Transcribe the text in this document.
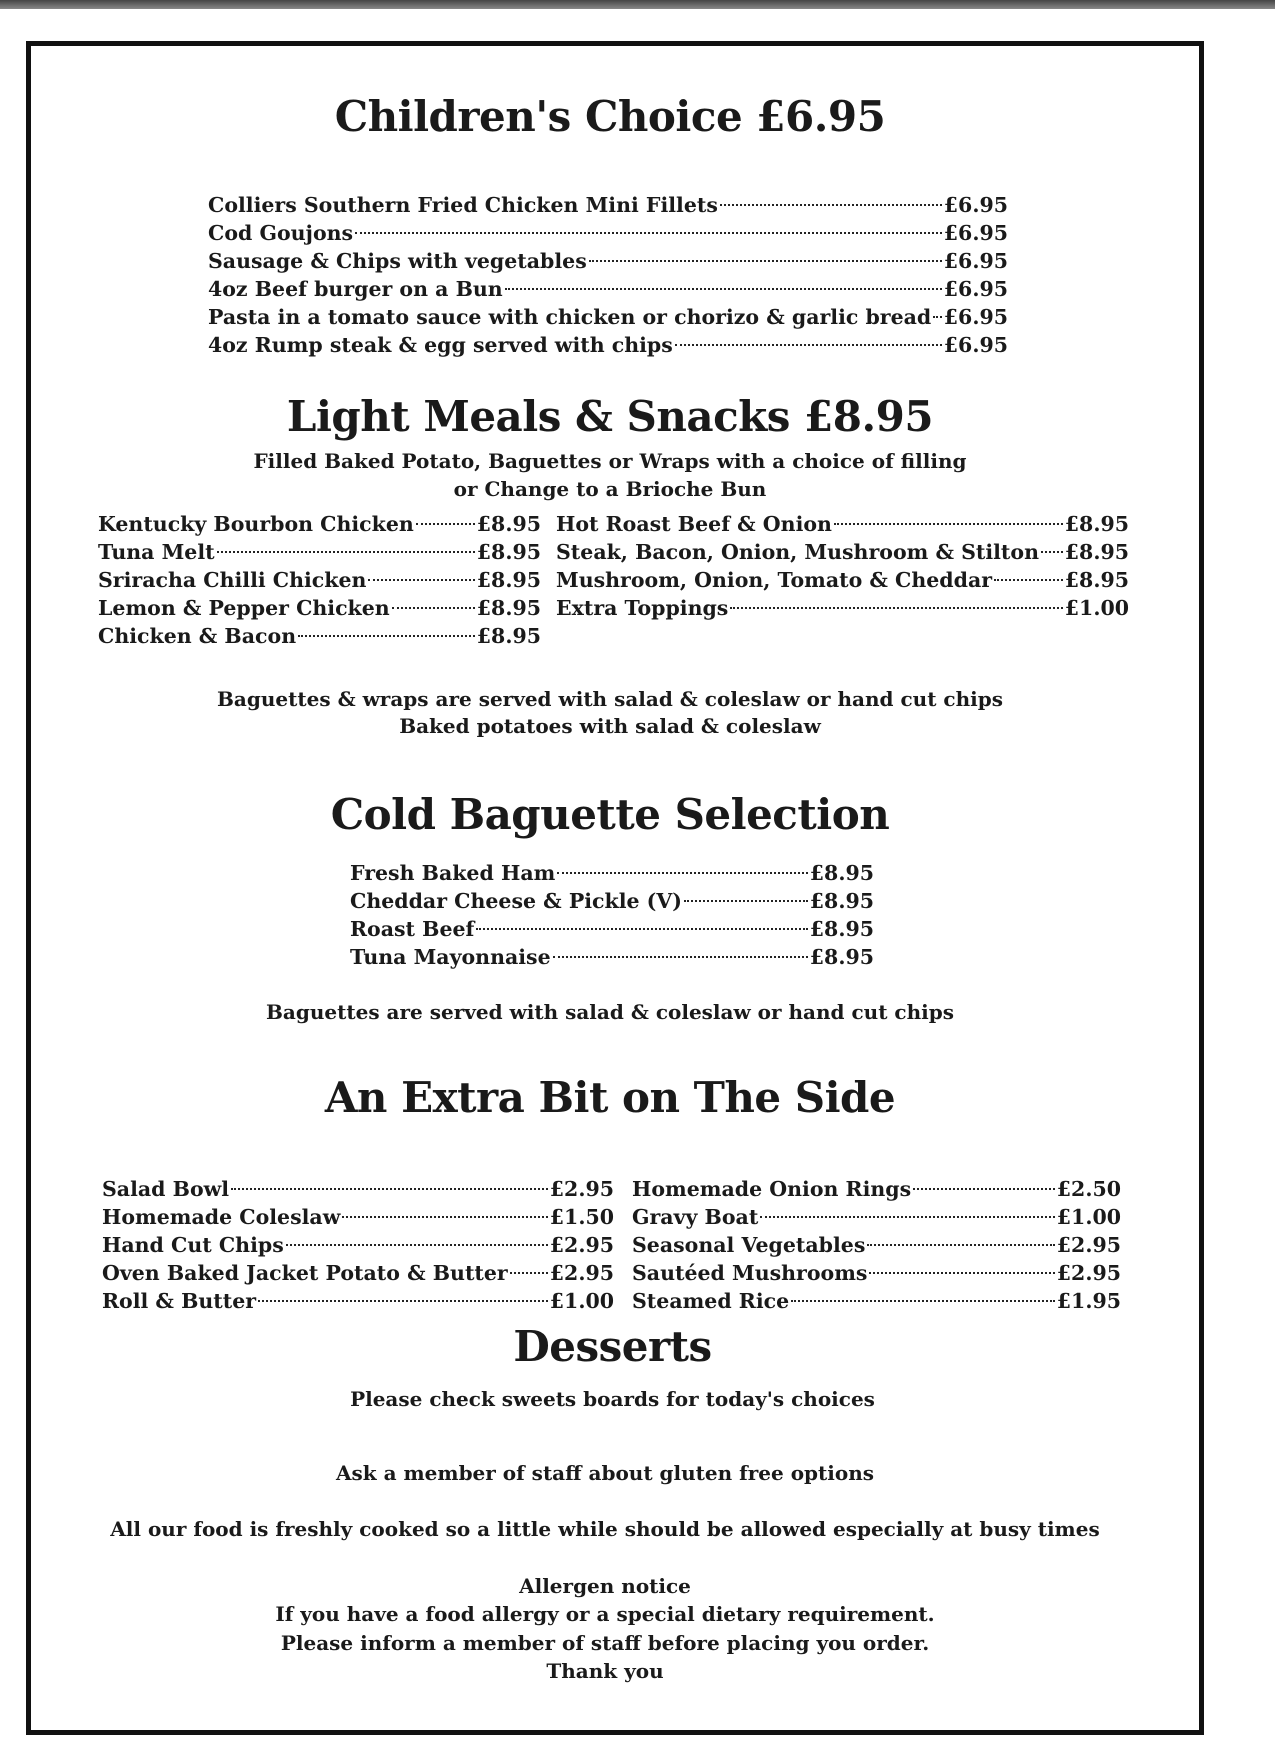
Children's Choice £6.95
Colliers Southern Fried Chicken Mini Fillets	£6.95
Cod Goujons	£6.95
Sausage & Chips with vegetables	£6.95
4oz Beef burger on a Bun	£6.95
Pasta in a tomato sauce with chicken or chorizo & garlic bread £6.95
4oz Rump steak & egg served with chips	£6.95
Light Meals & Snacks £8.95
Filled Baked Potato, Baguettes or Wraps with a choice of filling
or Change to a Brioche Bun
Kentucky Bourbon Chicken	£8.95
Tuna Melt	£8.95
Sriracha Chilli Chicken	£8.95
Lemon & Pepper Chicken	£8.95
Chicken & Bacon	£8.95
Hot Roast Beef & Onion	£8.95
Steak, Bacon, Onion, Mushroom & Stilton £8.95
Mushroom, Onion, Tomato & Cheddar	£8.95
Extra Toppings	£1.00
Baguettes & wraps are served with salad & coleslaw or hand cut chips
Baked potatoes with salad & coleslaw
Cold Baguette Selection
Fresh Baked Ham	£8.95
Cheddar Cheese & Pickle (V)	£8.95
Roast Beef	£8.95
Tuna Mayonnaise	£8.95
Baguettes are served with salad & coleslaw or hand cut chips
An Extra Bit on The Side
Salad Bowl	£2.95
Homemade Coleslaw	£1.50
Hand Cut Chips	£2.95
Oven Baked Jacket Potato & Butter £2.95
Roll & Butter	£1.00
Homemade Onion Rings	£2.50
Gravy Boat	£1.00
Seasonal Vegetables	£2.95
Sautéed Mushrooms	£2.95
Steamed Rice	£1.95
Desserts
Please check sweets boards for today's choices
Ask a member of staff about gluten free options
All our food is freshly cooked so a little while should be allowed especially at busy times
Allergen notice
If you have a food allergy or a special dietary requirement.
Please inform a member of staff before placing you order.
Thank you
